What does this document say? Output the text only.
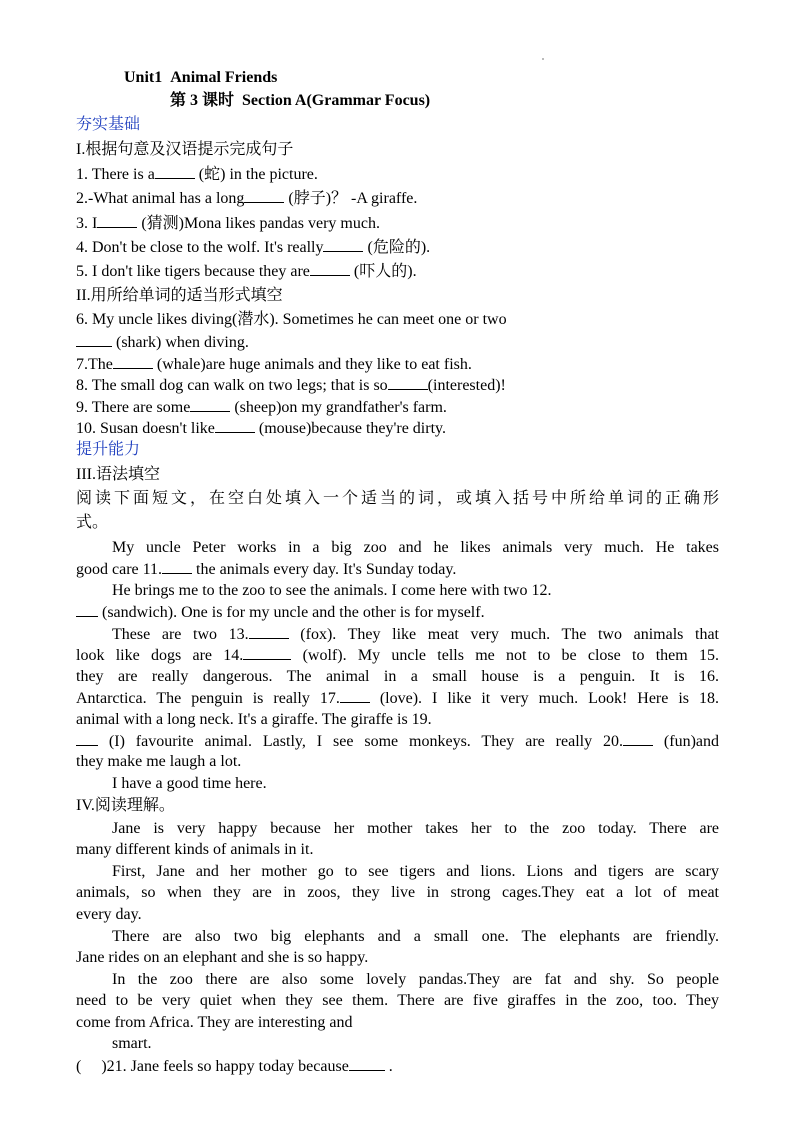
Unit1 Animal Friends
第 3 课时 Section A(Grammar Focus)
夯实基础
I.根据句意及汉语提示完成句子
1. There is a	(蛇) in the picture.
2.-What animal has a long	(脖子)？ -A giraffe.
3. I	(猜测)Mona likes pandas very much.
4. Don't be close to the wolf. It's really	(危险的).
5. I don't like tigers because they are	(吓人的).
II.用所给单词的适当形式填空
6. My uncle likes diving(潜水). Sometimes he can meet one or two
(shark) when diving.
7.The	(whale)are huge animals and they like to eat fish.
8. The small dog can walk on two legs; that is so	(interested)!
9. There are some	(sheep)on my grandfather's farm.
10. Susan doesn't like	(mouse)because they're dirty.
提升能力
III.语法填空
阅读下面短文，在空白处填入一个适当的词，或填入括号中所给单词的正确形
式。
My uncle Peter works in a big zoo and he likes animals very much. He takes
good care 11. the animals every day. It's Sunday today.
He brings me to the zoo to see the animals. I come here with two 12.
(sandwich). One is for my uncle and the other is for myself.
These are two 13.	(fox). They like meat very much. The two animals that
look like dogs are 14.	(wolf). My uncle tells me not to be close to them 15.
they are really dangerous. The animal in a small house is a penguin. It is 16.
Antarctica. The penguin is really 17. (love). I like it very much. Look! Here is 18.
animal with a long neck. It's a giraffe. The giraffe is 19.
(I) favourite animal. Lastly, I see some monkeys. They are really 20. (fun)and
they make me laugh a lot.
I have a good time here.
IV.阅读理解。
Jane is very happy because her mother takes her to the zoo today. There are
many different kinds of animals in it.
First, Jane and her mother go to see tigers and lions. Lions and tigers are scary
animals, so when they are in zoos, they live in strong cages.They eat a lot of meat
every day.
There are also two big elephants and a small one. The elephants are friendly.
Jane rides on an elephant and she is so happy.
In the zoo there are also some lovely pandas.They are fat and shy. So people
need to be very quiet when they see them. There are five giraffes in the zoo, too. They
come from Africa. They are interesting and
smart.
(     )21. Jane feels so happy today because .
